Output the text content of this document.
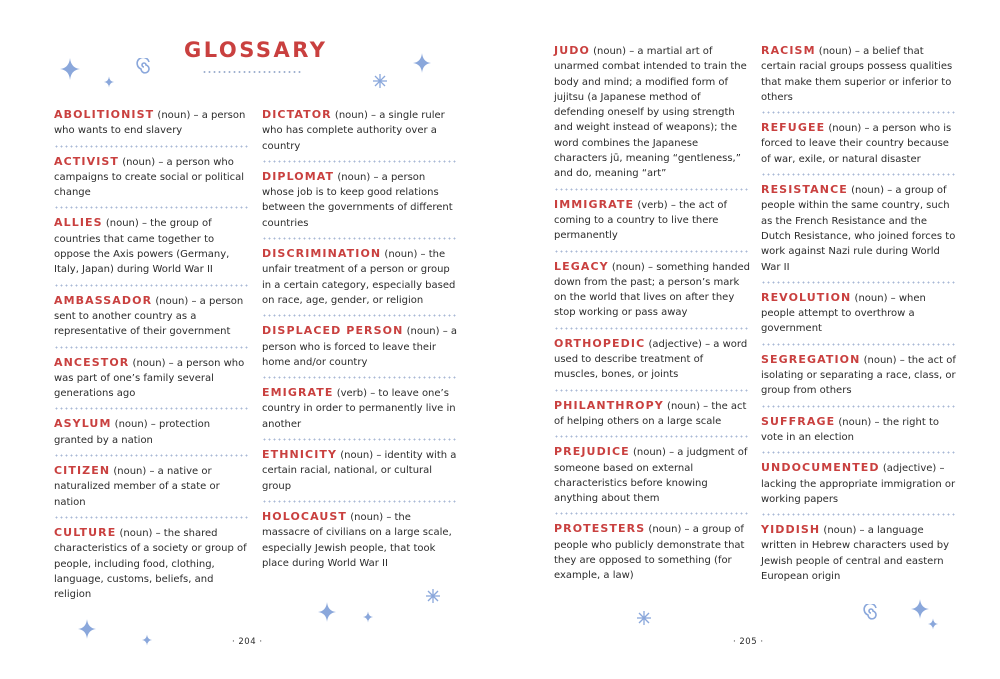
GLOSSARY
ABOLITIONIST (noun) – a person who wants to end slavery
ACTIVIST (noun) – a person who campaigns to create social or political change
ALLIES (noun) – the group of countries that came together to oppose the Axis powers (Germany, Italy, Japan) during World War II
AMBASSADOR (noun) – a person sent to another country as a representative of their government
ANCESTOR (noun) – a person who was part of one’s family several generations ago
ASYLUM (noun) – protection granted by a nation
CITIZEN (noun) – a native or naturalized member of a state or nation
CULTURE (noun) – the shared characteristics of a society or group of people, including food, clothing, language, customs, beliefs, and religion
DICTATOR (noun) – a single ruler who has complete authority over a country
DIPLOMAT (noun) – a person whose job is to keep good relations between the governments of different countries
DISCRIMINATION (noun) – the unfair treatment of a person or group in a certain category, especially based on race, age, gender, or religion
DISPLACED PERSON (noun) – a person who is forced to leave their home and/or country
EMIGRATE (verb) – to leave one’s country in order to permanently live in another
ETHNICITY (noun) – identity with a certain racial, national, or cultural group
HOLOCAUST (noun) – the massacre of civilians on a large scale, especially Jewish people, that took place during World War II
· 204 ·
JUDO (noun) – a martial art of unarmed combat intended to train the body and mind; a modified form of jujitsu (a Japanese method of defending oneself by using strength and weight instead of weapons); the word combines the Japanese characters jū, meaning “gentleness,” and do, meaning “art”
IMMIGRATE (verb) – the act of coming to a country to live there permanently
LEGACY (noun) – something handed down from the past; a person’s mark on the world that lives on after they stop working or pass away
ORTHOPEDIC (adjective) – a word used to describe treatment of muscles, bones, or joints
PHILANTHROPY (noun) – the act of helping others on a large scale
PREJUDICE (noun) – a judgment of someone based on external characteristics before knowing anything about them
PROTESTERS (noun) – a group of people who publicly demonstrate that they are opposed to something (for example, a law)
RACISM (noun) – a belief that certain racial groups possess qualities that make them superior or inferior to others
REFUGEE (noun) – a person who is forced to leave their country because of war, exile, or natural disaster
RESISTANCE (noun) – a group of people within the same country, such as the French Resistance and the Dutch Resistance, who joined forces to work against Nazi rule during World War II
REVOLUTION (noun) – when people attempt to overthrow a government
SEGREGATION (noun) – the act of isolating or separating a race, class, or group from others
SUFFRAGE (noun) – the right to vote in an election
UNDOCUMENTED (adjective) – lacking the appropriate immigration or working papers
YIDDISH (noun) – a language written in Hebrew characters used by Jewish people of central and eastern European origin
· 205 ·
